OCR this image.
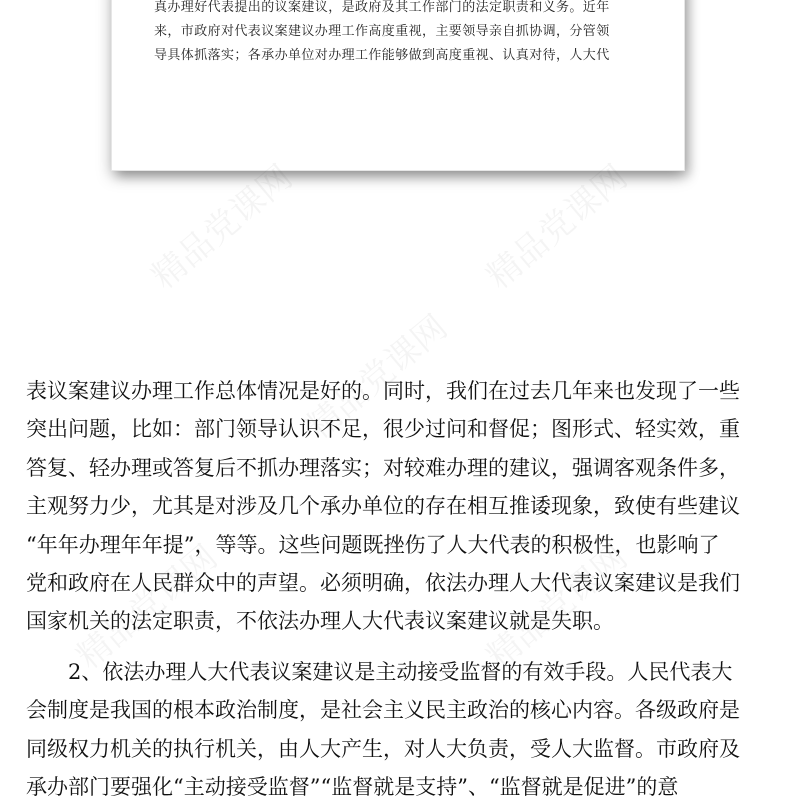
真办理好代表提出的议案建议，是政府及其工作部门的法定职责和义务。近年
来，市政府对代表议案建议办理工作高度重视，主要领导亲自抓协调，分管领
导具体抓落实；各承办单位对办理工作能够做到高度重视、认真对待，人大代
表议案建议办理工作总体情况是好的。同时，我们在过去几年来也发现了一些
突出问题，比如：部门领导认识不足，很少过问和督促；图形式、轻实效，重
答复、轻办理或答复后不抓办理落实；对较难办理的建议，强调客观条件多，
主观努力少，尤其是对涉及几个承办单位的存在相互推诿现象，致使有些建议
“年年办理年年提”，等等。这些问题既挫伤了人大代表的积极性，也影响了
党和政府在人民群众中的声望。必须明确，依法办理人大代表议案建议是我们
国家机关的法定职责，不依法办理人大代表议案建议就是失职。
2、依法办理人大代表议案建议是主动接受监督的有效手段。人民代表大
会制度是我国的根本政治制度，是社会主义民主政治的核心内容。各级政府是
同级权力机关的执行机关，由人大产生，对人大负责，受人大监督。市政府及
承办部门要强化“主动接受监督”“监督就是支持”、“监督就是促进”的意
